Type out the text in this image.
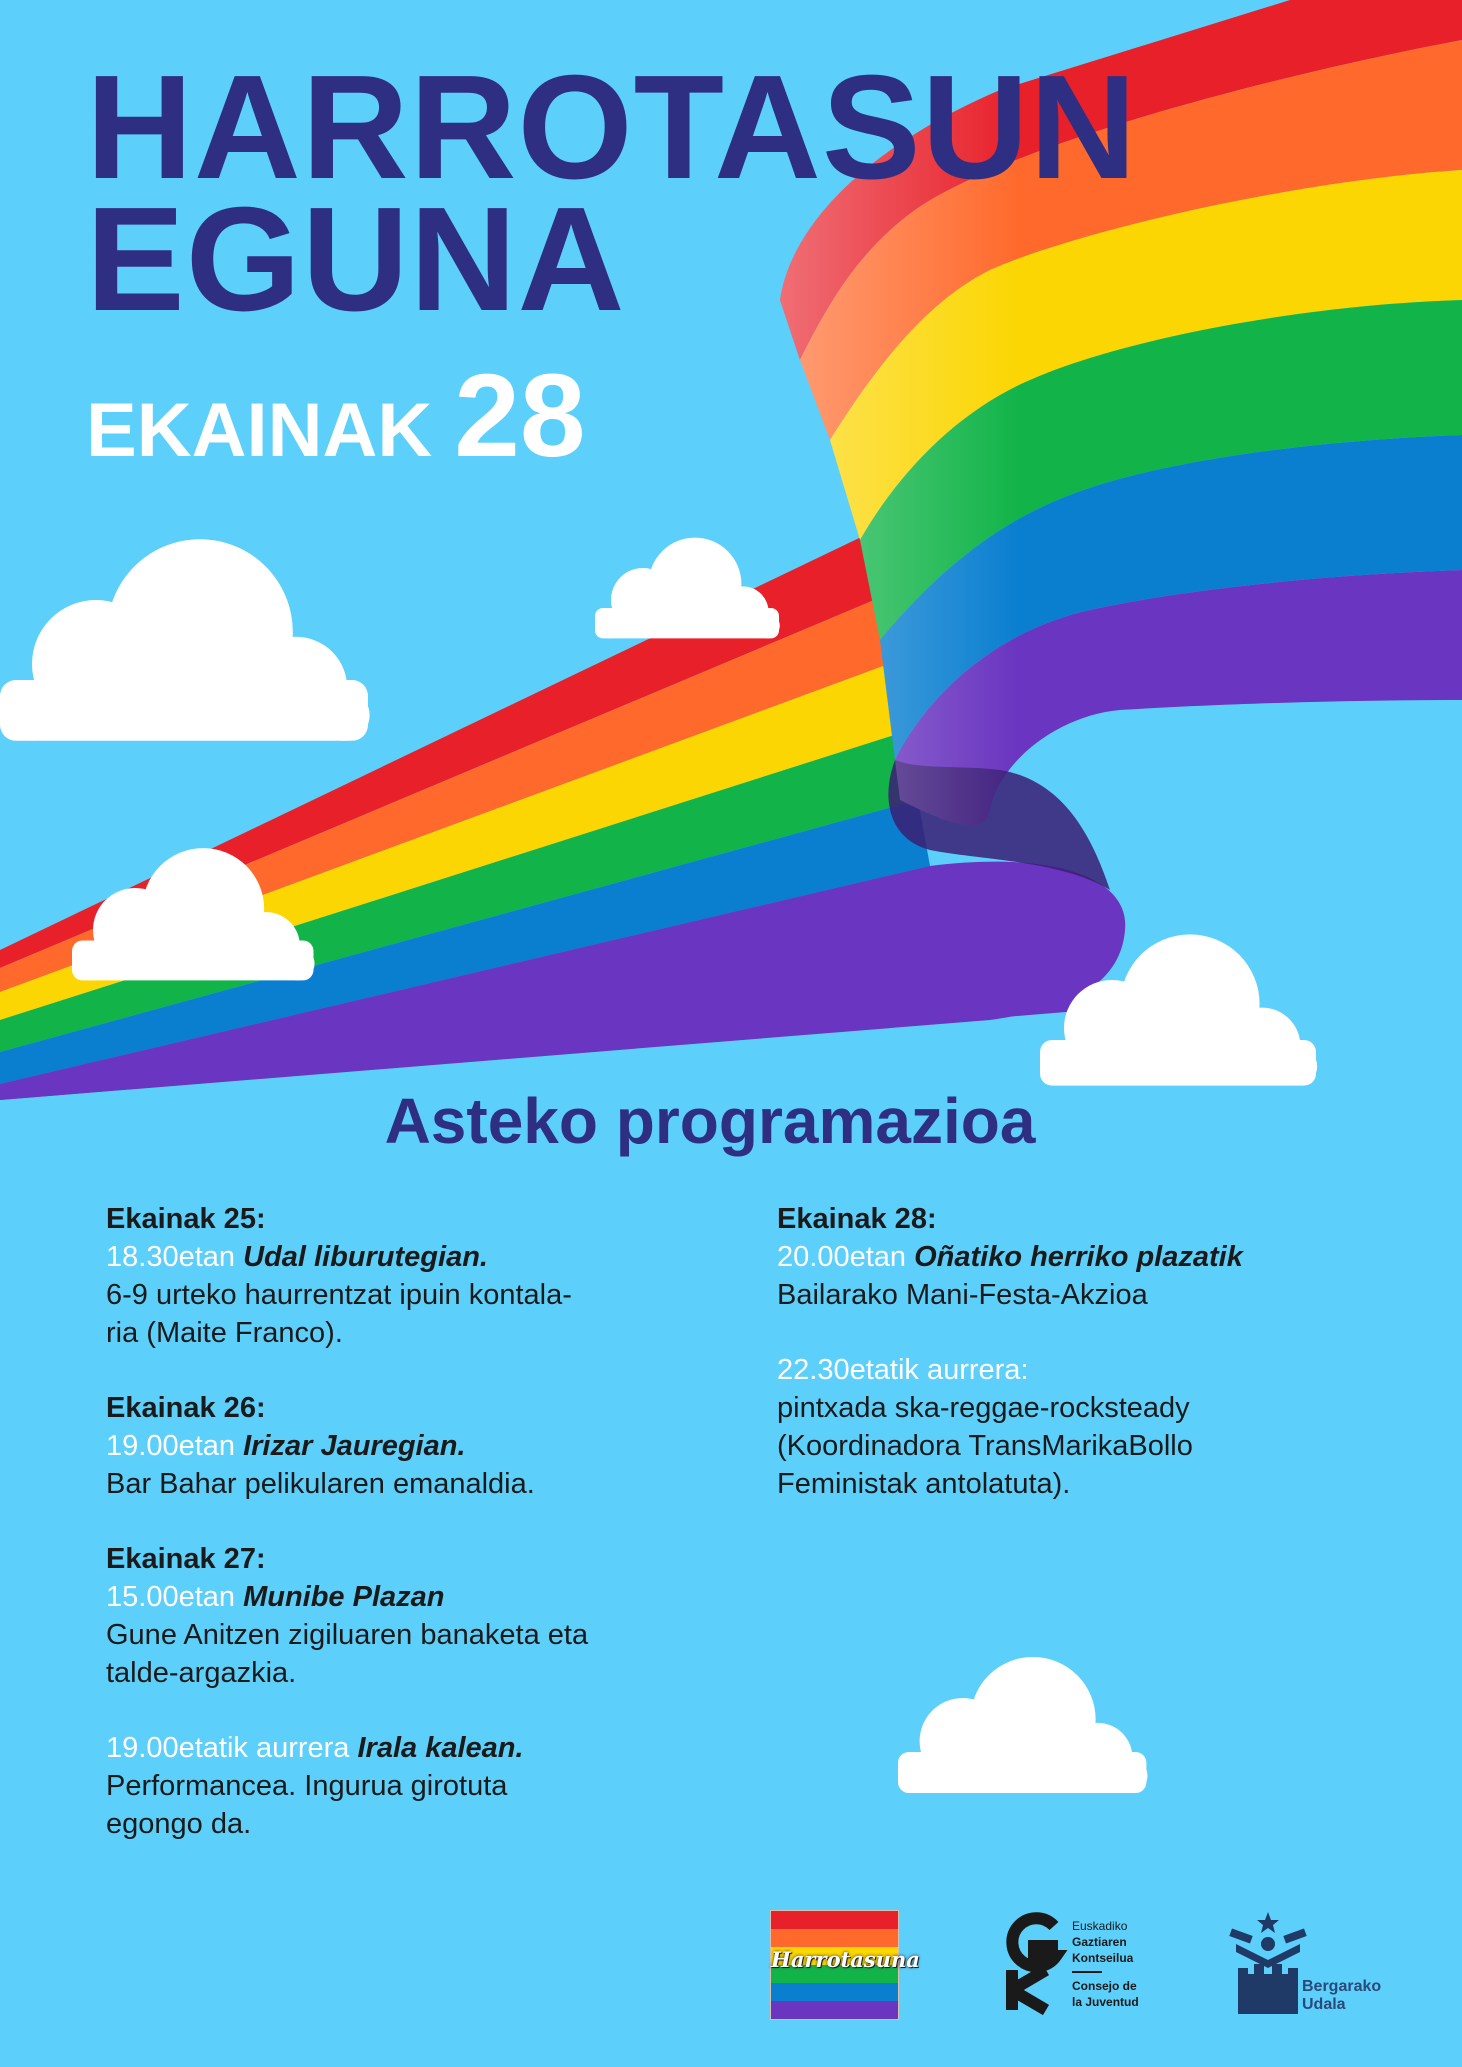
HARROTASUN
EGUNA
EKAINAK 28
Asteko programazioa

Ekainak 25:

18.30etan Udal liburutegian.

6-9 urteko haurrentzat ipuin kontala-

ria (Maite Franco).

Ekainak 26:

19.00etan Irizar Jauregian.

Bar Bahar pelikularen emanaldia.

Ekainak 27:

15.00etan Munibe Plazan

Gune Anitzen zigiluaren banaketa eta

talde-argazkia.

19.00etatik aurrera Irala kalean.

Performancea. Ingurua girotuta

egongo da.

Ekainak 28:

20.00etan Oñatiko herriko plazatik

Bailarako Mani-Festa-Akzioa

22.30etatik aurrera:

pintxada ska-reggae-rocksteady

(Koordinadora TransMarikaBollo

Feministak antolatuta).

Harrotasuna
Euskadiko
Gaztiaren
Kontseilua
Consejo de
la Juventud
Bergarako
Udala
